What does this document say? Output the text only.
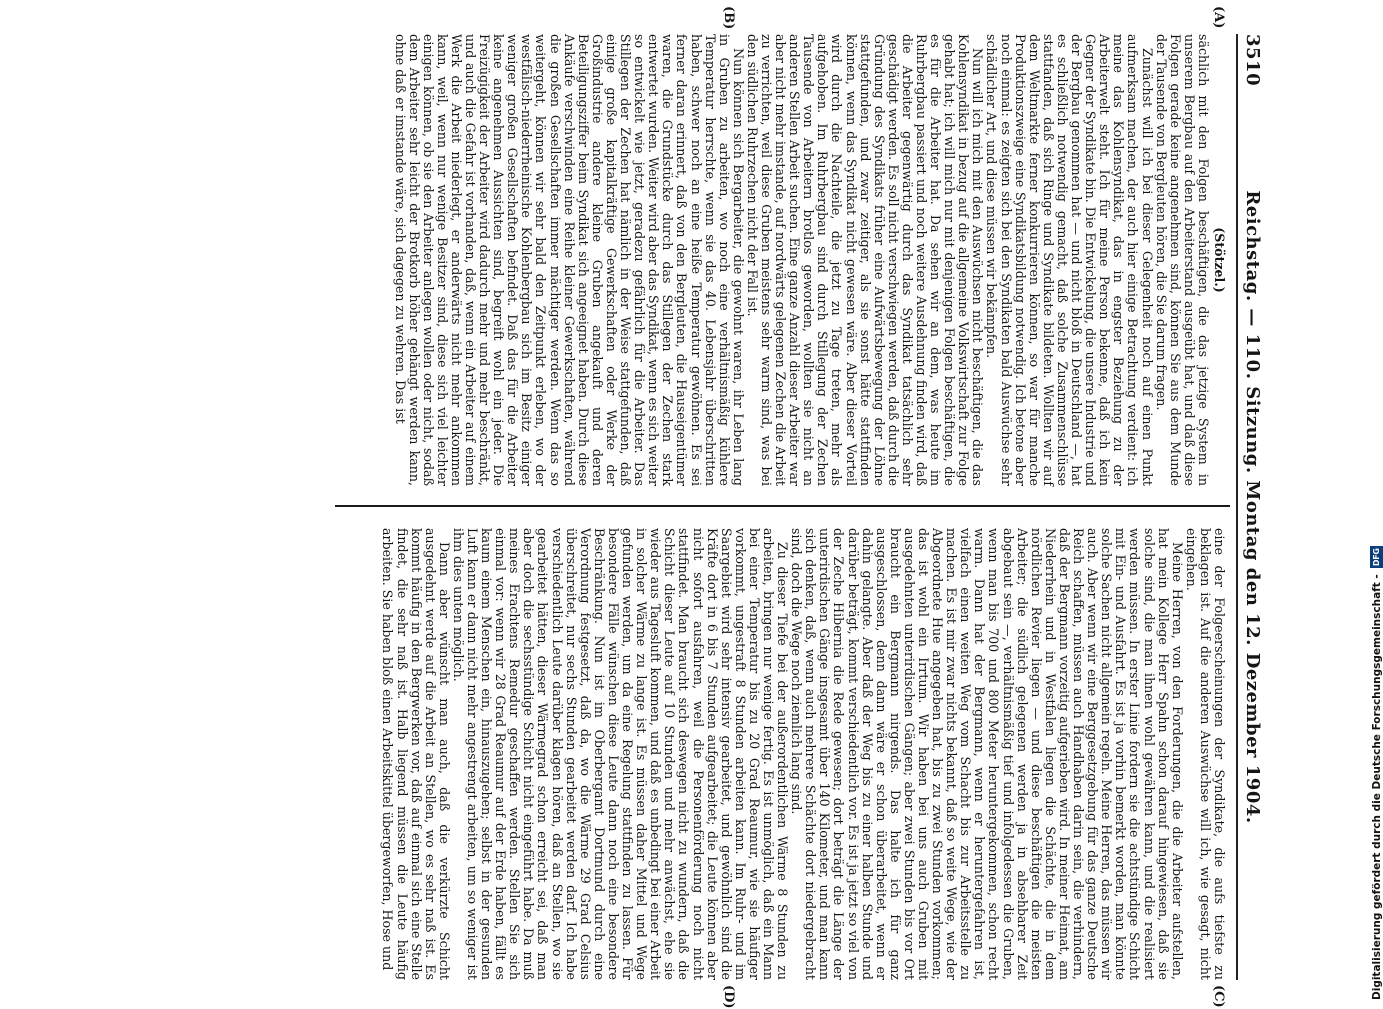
3510
Reichstag. — 110. Sitzung. Montag den 12. Dezember 1904.
(A)
(B)
(C)
(D)
(Stötzel.)

sächlich mit den Folgen beschäftigen, die das jetzige System in unserem Bergbau auf den Arbeiterstand ausgeübt hat, und daß diese Folgen gerade keine angenehmen sind, können Sie aus dem Munde der Tausende von Bergleuten hören, die Sie darum fragen.

Zunächst will ich bei dieser Gelegenheit noch auf einen Punkt aufmerksam machen, der auch hier einige Betrachtung verdient: ich meine das Kohlensyndikat, das in engster Beziehung zu der Arbeiterwelt steht. Ich für meine Person bekenne, daß ich kein Gegner der Syndikate bin. Die Entwickelung, die unsere Industrie und der Bergbau genommen hat — und nicht bloß in Deutschland —, hat es schließlich notwendig gemacht, daß solche Zusammenschlüsse stattfanden, daß sich Ringe und Syndikate bildeten. Wollten wir auf dem Weltmarkte ferner konkurrieren können, so war für manche Produktionszweige eine Syndikatsbildung notwendig. Ich betone aber noch einmal: es zeigten sich bei den Syndikaten bald Auswüchse sehr schädlicher Art, und diese müssen wir bekämpfen.

Nun will ich mich mit den Auswüchsen nicht beschäftigen, die das Kohlensyndikat in bezug auf die allgemeine Volkswirtschaft zur Folge gehabt hat; ich will mich nur mit denjenigen Folgen beschäftigen, die es für die Arbeiter hat. Da sehen wir an dem, was heute im Ruhrbergbau passiert und noch weitere Ausdehnung finden wird, daß die Arbeiter gegenwärtig durch das Syndikat tatsächlich sehr geschädigt werden. Es soll nicht verschwiegen werden, daß durch die Gründung des Syndikats früher eine Aufwärtsbewegung der Löhne stattgefunden, und zwar zeitiger, als sie sonst hätte stattfinden können, wenn das Syndikat nicht gewesen wäre. Aber dieser Vorteil wird durch die Nachteile, die jetzt zu Tage treten, mehr als aufgehoben. Im Ruhrbergbau sind durch Stillegung der Zechen Tausende von Arbeitern brotlos geworden, wollten sie nicht an anderen Stellen Arbeit suchen. Eine ganze Anzahl dieser Arbeiter war aber nicht mehr imstande, auf nordwärts gelegenen Zechen die Arbeit zu verrichten, weil diese Gruben meistens sehr warm sind, was bei den südlichen Ruhrzechen nicht der Fall ist.

Nun können sich Bergarbeiter, die gewohnt waren, ihr Leben lang in Gruben zu arbeiten, wo noch eine verhältnismäßig kühlere Temperatur herrschte, wenn sie das 40. Lebensjahr überschritten haben, schwer noch an eine heiße Temperatur gewöhnen. Es sei ferner daran erinnert, daß von den Bergleuten, die Hauseigentümer waren, die Grundstücke durch das Stillegen der Zechen stark entwertet wurden. Weiter wird aber das Syndikat, wenn es sich weiter so entwickelt wie jetzt, geradezu gefährlich für die Arbeiter. Das Stillegen der Zechen hat nämlich in der Weise stattgefunden, daß einige große kapitalkräftige Gewerkschaften oder Werke der Großindustrie andere kleine Gruben angekauft und deren Beteiligungsziffer beim Syndikat sich angeeignet haben. Durch diese Ankäufe verschwinden eine Reihe kleiner Gewerkschaften, während die großen Gesellschaften immer mächtiger werden. Wenn das so weitergeht, können wir sehr bald den Zeitpunkt erleben, wo der westfälisch-niederrheinische Kohlenbergbau sich im Besitz einiger weniger großen Gesellschaften befindet. Daß das für die Arbeiter keine angenehmen Aussichten sind, begreift wohl ein jeder. Die Freizügigkeit der Arbeiter wird dadurch mehr und mehr beschränkt, und auch die Gefahr ist vorhanden, daß, wenn ein Arbeiter auf einem Werk die Arbeit niederlegt, er anderwärts nicht mehr ankommen kann, weil, wenn nur wenige Besitzer sind, diese sich viel leichter einigen können, ob sie den Arbeiter anlegen wollen oder nicht, sodaß dem Arbeiter sehr leicht der Brotkorb höher gehängt werden kann, ohne daß er imstande wäre, sich dagegen zu wehren. Das ist

eine der Folgeerscheinungen der Syndikate, die aufs tiefste zu beklagen ist. Auf die anderen Auswüchse will ich, wie gesagt, nicht eingehen.

Meine Herren, von den Forderungen, die die Arbeiter aufstellen, hat mein Kollege Herr Spahn schon darauf hingewiesen, daß sie solche sind, die man ihnen wohl gewähren kann, und die realisiert werden müssen. In erster Linie fordern sie die achtstündige Schicht mit Ein- und Ausfahrt. Es ist ja vorhin bemerkt worden, man könnte solche Sachen nicht allgemein regeln. Meine Herren, das müssen wir auch. Aber wenn wir eine Berggesetzgebung für das ganze Deutsche Reich schaffen, müssen auch Handhaben darin sein, die verhindern, daß der Bergmann vorzeitig aufgerieben wird. In meiner Heimat, am Niederrhein und in Westfalen liegen die Schächte, die in dem nördlichen Revier liegen — und diese beschäftigen die meisten Arbeiter; die südlich gelegenen werden ja in absehbarer Zeit abgebaut sein —, verhältnismäßig tief und infolgedessen die Gruben, wenn man bis 700 und 800 Meter heruntergekommen, schon recht warm. Dann hat der Bergmann, wenn er heruntergefahren ist, vielfach einen weiten Weg vom Schacht bis zur Arbeitsstelle zu machen. Es ist mir zwar nichts bekannt, daß so weite Wege, wie der Abgeordnete Hue angegeben hat, bis zu zwei Stunden vorkommen; das ist wohl ein Irrtum. Wir haben bei uns auch Gruben mit ausgedehnten unterirdischen Gängen; aber zwei Stunden bis vor Ort braucht ein Bergmann nirgends. Das halte ich für ganz ausgeschlossen, denn dann wäre er schon überarbeitet, wenn er dahin gelangte. Aber daß der Weg bis zu einer halben Stunde und darüber beträgt, kommt verschiedentlich vor. Es ist ja jetzt so viel von der Zeche Hibernia die Rede gewesen; dort beträgt die Länge der unterirdischen Gänge insgesamt über 140 Kilometer, und man kann sich denken, daß, wenn auch mehrere Schächte dort niedergebracht sind, doch die Wege noch ziemlich lang sind.

Zu dieser Tiefe bei der außerordentlichen Wärme 8 Stunden zu arbeiten, bringen nur wenige fertig. Es ist unmöglich, daß ein Mann bei einer Temperatur bis zu 20 Grad Reaumur, wie sie häufiger vorkommt, ungestraft 8 Stunden arbeiten kann. Im Ruhr- und im Saargebiet wird sehr intensiv gearbeitet, und gewöhnlich sind die Kräfte dort in 6 bis 7 Stunden aufgearbeitet; die Leute können aber nicht sofort ausfahren, weil die Personenförderung noch nicht stattfindet. Man braucht sich deswegen nicht zu wundern, daß die Schicht dieser Leute auf 10 Stunden und mehr anwächst, ehe sie wieder aus Tagesluft kommen, und daß es unbedingt bei einer Arbeit in solcher Wärme zu lange ist. Es müssen daher Mittel und Wege gefunden werden, um da eine Regelung stattfinden zu lassen. Für besondere Fälle wünschen diese Leute dann noch eine besondere Beschränkung. Nun ist im Oberbergamt Dortmund durch eine Verordnung festgesetzt, daß da, wo die Wärme 29 Grad Celsius überschreitet, nur sechs Stunden gearbeitet werden darf. Ich habe verschiedentlich Leute darüber klagen hören, daß an Stellen, wo sie gearbeitet hätten, dieser Wärmegrad schon erreicht sei, daß man aber doch die sechsstündige Schicht nicht eingeführt habe. Da muß meines Erachtens Remedur geschaffen werden. Stellen Sie sich einmal vor: wenn wir 28 Grad Reaumur auf der Erde haben, fällt es kaum einem Menschen ein, hinauszugehen; selbst in der gesunden Luft kann er dann nicht mehr angestrengt arbeiten, um so weniger ist ihm dies unten möglich.

Dann aber wünscht man auch, daß die verkürzte Schicht ausgedehnt werde auf die Arbeit an Stellen, wo es sehr naß ist. Es kommt häufig in den Bergwerken vor, daß auf einmal sich eine Stelle findet, die sehr naß ist. Halb liegend müssen die Leute häufig arbeiten. Sie haben bloß einen Arbeitskittel übergeworfen, Hose und	Digitalisierung gefördert durch die Deutsche Forschungsgemeinschaft -
DFG
